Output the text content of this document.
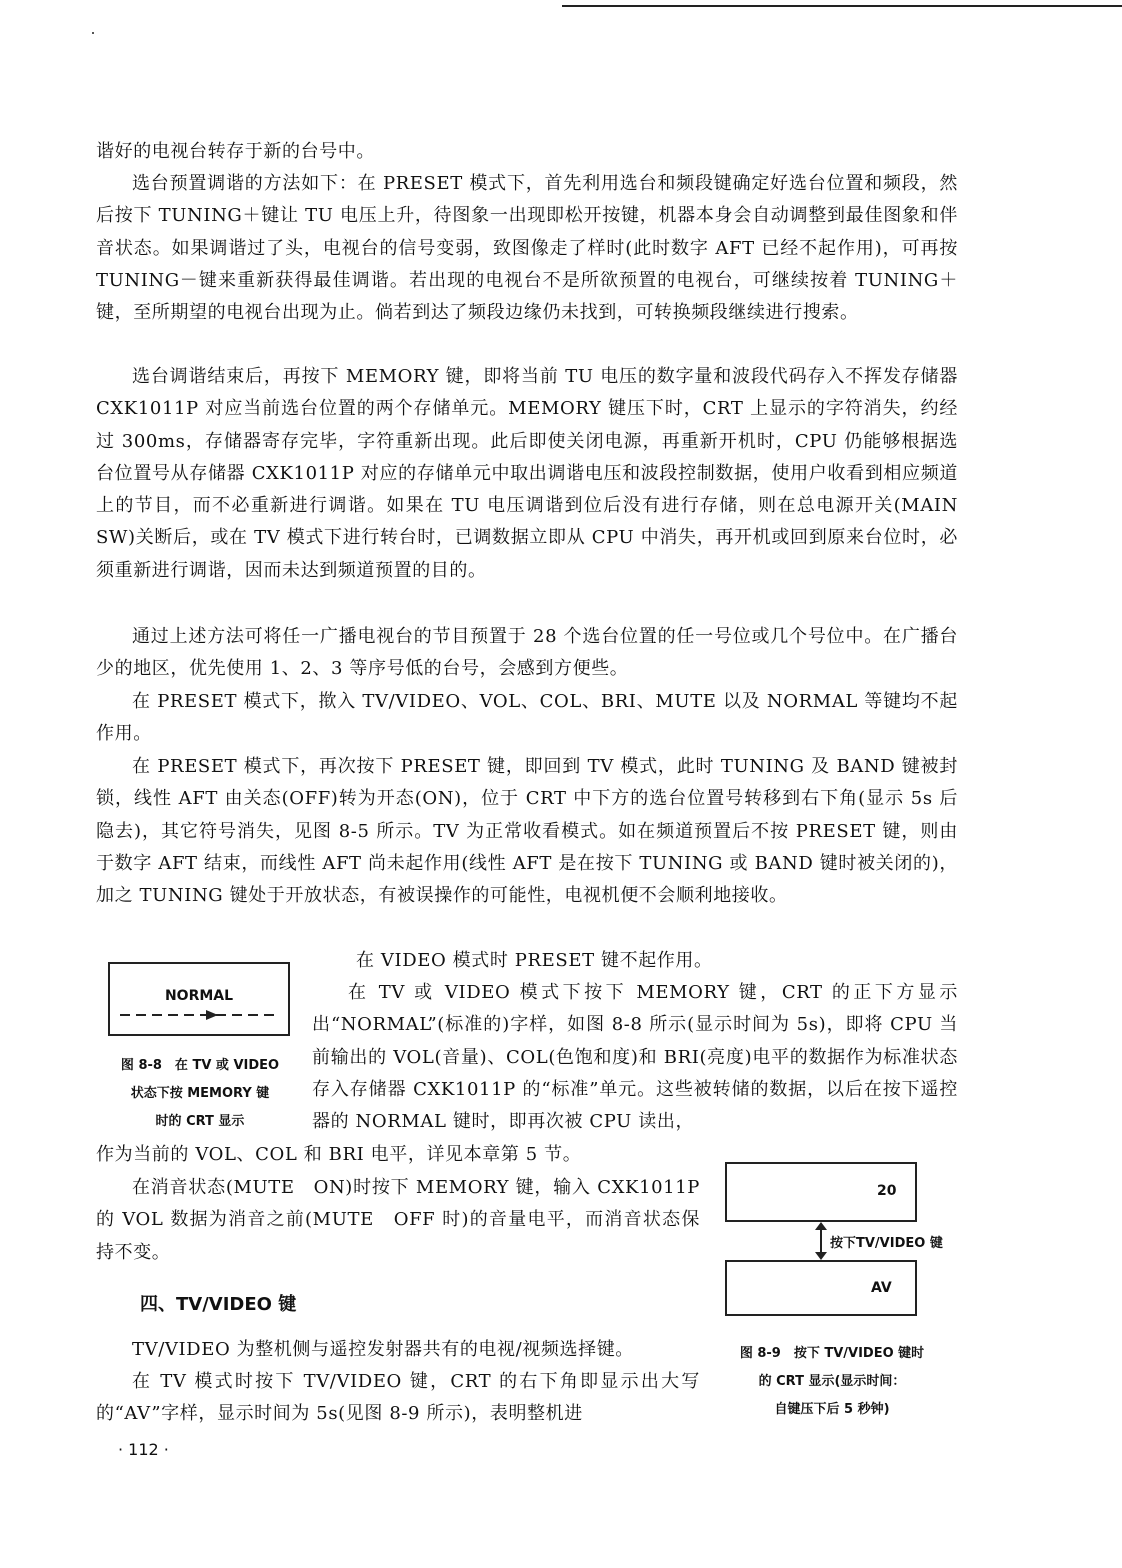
谐好的电视台转存于新的台号中。

选台预置调谐的方法如下：在 PRESET 模式下，首先利用选台和频段键确定好选台位置和频段，然后按下 TUNING＋键让 TU 电压上升，待图象一出现即松开按键，机器本身会自动调整到最佳图象和伴音状态。如果调谐过了头，电视台的信号变弱，致图像走了样时(此时数字 AFT 已经不起作用)，可再按 TUNING－键来重新获得最佳调谐。若出现的电视台不是所欲预置的电视台，可继续按着 TUNING＋键，至所期望的电视台出现为止。倘若到达了频段边缘仍未找到，可转换频段继续进行搜索。

选台调谐结束后，再按下 MEMORY 键，即将当前 TU 电压的数字量和波段代码存入不挥发存储器 CXK1011P 对应当前选台位置的两个存储单元。MEMORY 键压下时，CRT 上显示的字符消失，约经过 300ms，存储器寄存完毕，字符重新出现。此后即使关闭电源，再重新开机时，CPU 仍能够根据选台位置号从存储器 CXK1011P 对应的存储单元中取出调谐电压和波段控制数据，使用户收看到相应频道上的节目，而不必重新进行调谐。如果在 TU 电压调谐到位后没有进行存储，则在总电源开关(MAIN　SW)关断后，或在 TV 模式下进行转台时，已调数据立即从 CPU 中消失，再开机或回到原来台位时，必须重新进行调谐，因而未达到频道预置的目的。

通过上述方法可将任一广播电视台的节目预置于 28 个选台位置的任一号位或几个号位中。在广播台少的地区，优先使用 1、2、3 等序号低的台号，会感到方便些。

在 PRESET 模式下，揿入 TV/VIDEO、VOL、COL、BRI、MUTE 以及 NORMAL 等键均不起作用。

在 PRESET 模式下，再次按下 PRESET 键，即回到 TV 模式，此时 TUNING 及 BAND 键被封锁，线性 AFT 由关态(OFF)转为开态(ON)，位于 CRT 中下方的选台位置号转移到右下角(显示 5s 后隐去)，其它符号消失，见图 8-5 所示。TV 为正常收看模式。如在频道预置后不按 PRESET 键，则由于数字 AFT 结束，而线性 AFT 尚未起作用(线性 AFT 是在按下 TUNING 或 BAND 键时被关闭的)，加之 TUNING 键处于开放状态，有被误操作的可能性，电视机便不会顺利地接收。

在 VIDEO 模式时 PRESET 键不起作用。

在 TV 或 VIDEO 模式下按下 MEMORY 键，CRT 的正下方显示出“NORMAL”(标准的)字样，如图 8-8 所示(显示时间为 5s)，即将 CPU 当前输出的 VOL(音量)、COL(色饱和度)和 BRI(亮度)电平的数据作为标准状态存入存储器 CXK1011P 的“标准”单元。这些被转储的数据，以后在按下遥控器的 NORMAL 键时，即再次被 CPU 读出，

作为当前的 VOL、COL 和 BRI 电平，详见本章第 5 节。

NORMAL
图 8-8　在 TV 或 VIDEO
状态下按 MEMORY 键
时的 CRT 显示

在消音状态(MUTE　ON)时按下 MEMORY 键，输入 CXK1011P 的 VOL 数据为消音之前(MUTE　OFF 时)的音量电平，而消音状态保持不变。

四、TV/VIDEO 键

TV/VIDEO 为整机侧与遥控发射器共有的电视/视频选择键。

在 TV 模式时按下 TV/VIDEO 键，CRT 的右下角即显示出大写的“AV”字样，显示时间为 5s(见图 8-9 所示)，表明整机进

20
按下TV/VIDEO 键
AV
图 8-9　按下 TV/VIDEO 键时
的 CRT 显示(显示时间：
自键压下后 5 秒钟)
· 112 ·
